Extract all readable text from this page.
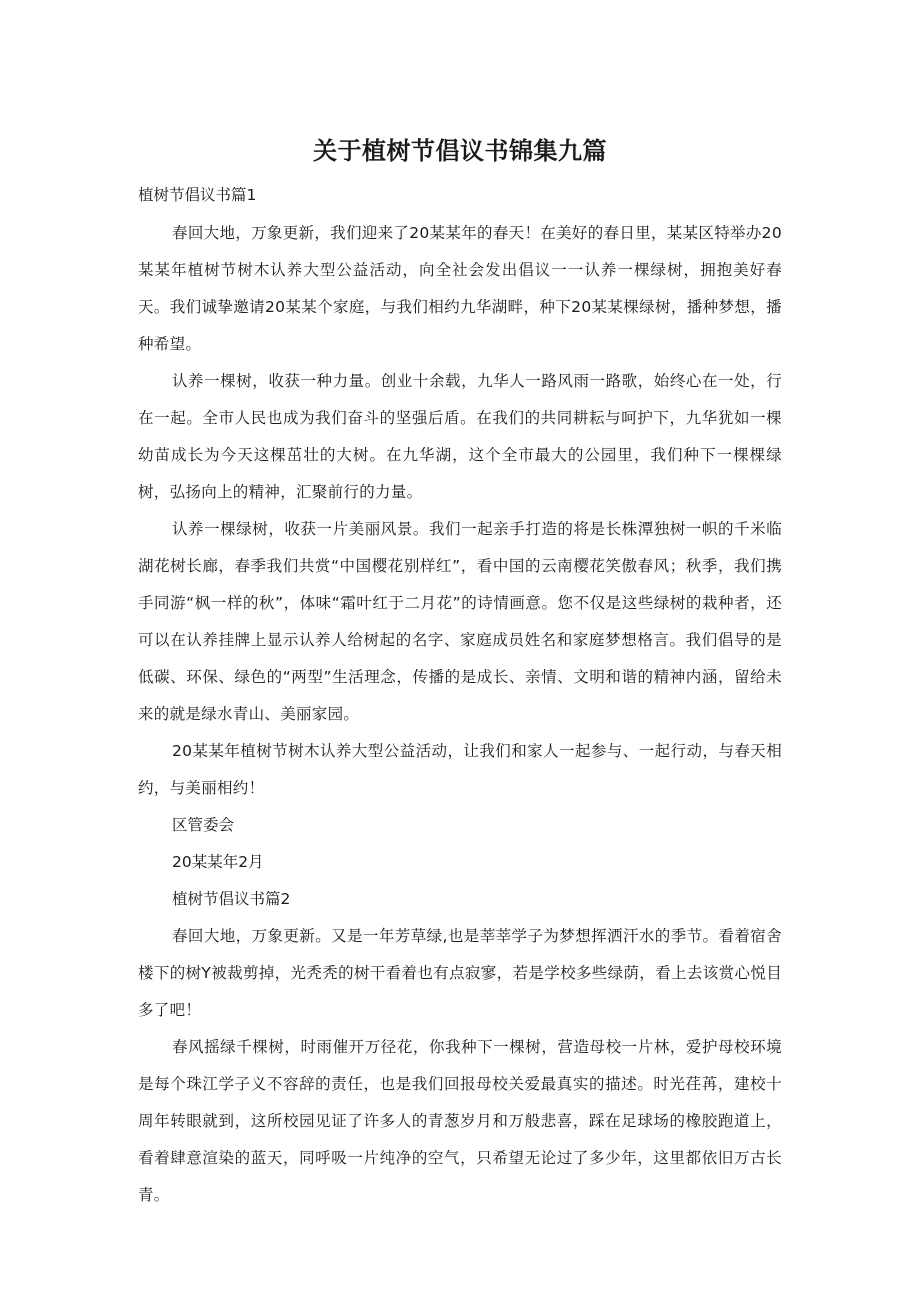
关于植树节倡议书锦集九篇

植树节倡议书篇1

春回大地，万象更新，我们迎来了20某某年的春天！在美好的春日里，某某区特举办20某某年植树节树木认养大型公益活动，向全社会发出倡议一一认养一棵绿树，拥抱美好春天。我们诚挚邀请20某某个家庭，与我们相约九华湖畔，种下20某某棵绿树，播种梦想，播种希望。

认养一棵树，收获一种力量。创业十余载，九华人一路风雨一路歌，始终心在一处，行在一起。全市人民也成为我们奋斗的坚强后盾。在我们的共同耕耘与呵护下，九华犹如一棵幼苗成长为今天这棵茁壮的大树。在九华湖，这个全市最大的公园里，我们种下一棵棵绿树，弘扬向上的精神，汇聚前行的力量。

认养一棵绿树，收获一片美丽风景。我们一起亲手打造的将是长株潭独树一帜的千米临湖花树长廊，春季我们共赏“中国樱花别样红”，看中国的云南樱花笑傲春风；秋季，我们携手同游“枫一样的秋”，体味“霜叶红于二月花”的诗情画意。您不仅是这些绿树的栽种者，还可以在认养挂牌上显示认养人给树起的名字、家庭成员姓名和家庭梦想格言。我们倡导的是低碳、环保、绿色的“两型”生活理念，传播的是成长、亲情、文明和谐的精神内涵，留给未来的就是绿水青山、美丽家园。

20某某年植树节树木认养大型公益活动，让我们和家人一起参与、一起行动，与春天相约，与美丽相约！

区管委会

20某某年2月

植树节倡议书篇2

春回大地，万象更新。又是一年芳草绿,也是莘莘学子为梦想挥洒汗水的季节。看着宿舍楼下的树Y被裁剪掉，光秃秃的树干看着也有点寂寥，若是学校多些绿荫，看上去该赏心悦目多了吧！

春风摇绿千棵树，时雨催开万径花，你我种下一棵树，营造母校一片林，爱护母校环境是每个珠江学子义不容辞的责任，也是我们回报母校关爱最真实的描述。时光荏苒，建校十周年转眼就到，这所校园见证了许多人的青葱岁月和万般悲喜，踩在足球场的橡胶跑道上，看着肆意渲染的蓝天，同呼吸一片纯净的空气，只希望无论过了多少年，这里都依旧万古长青。
